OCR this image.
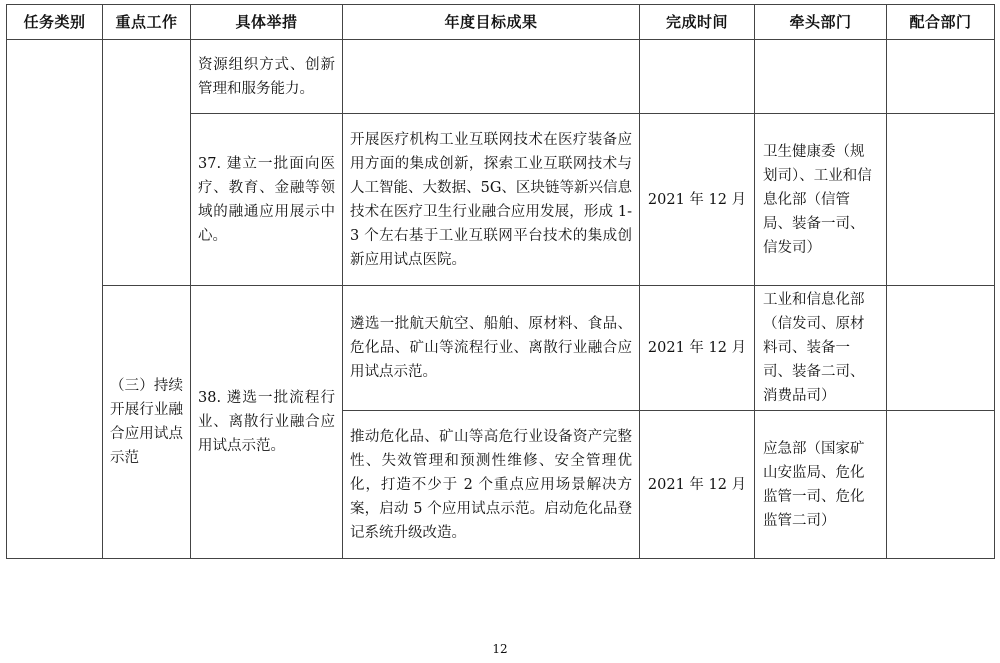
任务类别	重点工作	具体举措	年度目标成果	完成时间	牵头部门	配合部门
		资源组织方式、创新管理和服务能力。				
		37. 建立一批面向医疗、教育、金融等领域的融通应用展示中心。	开展医疗机构工业互联网技术在医疗装备应用方面的集成创新，探索工业互联网技术与人工智能、大数据、5G、区块链等新兴信息技术在医疗卫生行业融合应用发展，形成 1-3 个左右基于工业互联网平台技术的集成创新应用试点医院。	2021 年 12 月	卫生健康委（规划司）、工业和信息化部（信管局、装备一司、信发司）	
	（三）持续开展行业融合应用试点示范	38. 遴选一批流程行业、离散行业融合应用试点示范。	遴选一批航天航空、船舶、原材料、食品、危化品、矿山等流程行业、离散行业融合应用试点示范。	2021 年 12 月	工业和信息化部（信发司、原材料司、装备一司、装备二司、消费品司）	
			推动危化品、矿山等高危行业设备资产完整性、失效管理和预测性维修、安全管理优化，打造不少于 2 个重点应用场景解决方案，启动 5 个应用试点示范。启动危化品登记系统升级改造。	2021 年 12 月	应急部（国家矿山安监局、危化监管一司、危化监管二司）	
12
